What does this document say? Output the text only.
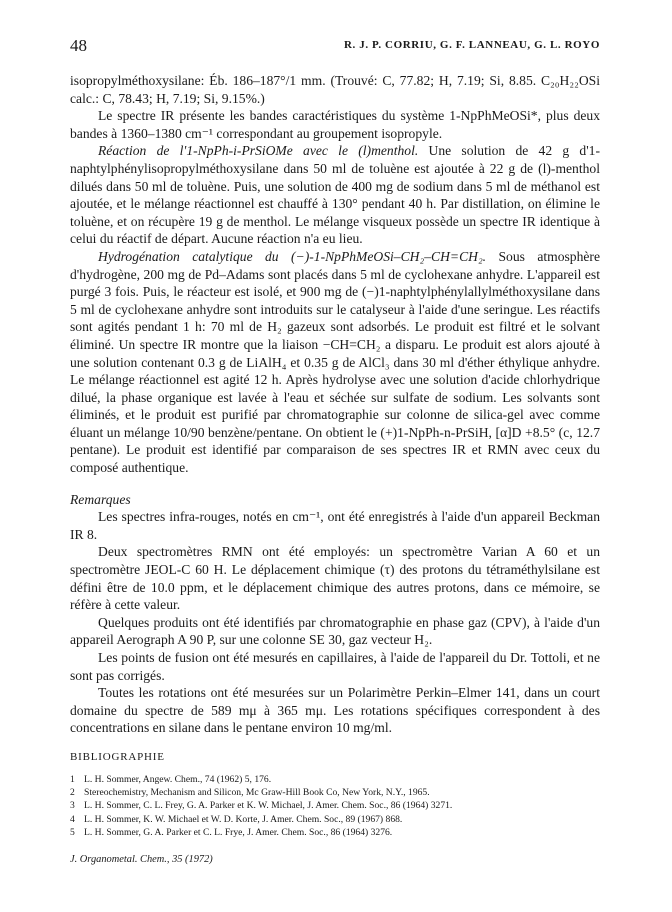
48	R. J. P. CORRIU, G. F. LANNEAU, G. L. ROYO

isopropylméthoxysilane: Éb. 186–187°/1 mm. (Trouvé: C, 77.82; H, 7.19; Si, 8.85. C₂₀H₂₂OSi calc.: C, 78.43; H, 7.19; Si, 9.15%.)

Le spectre IR présente les bandes caractéristiques du système 1-NpPhMeOSi*, plus deux bandes à 1360–1380 cm⁻¹ correspondant au groupement isopropyle.

Réaction de l'1-NpPh-i-PrSiOMe avec le (l)menthol. Une solution de 42 g d'1-naphtylphénylisopropylméthoxysilane dans 50 ml de toluène est ajoutée à 22 g de (l)-menthol dilués dans 50 ml de toluène. Puis, une solution de 400 mg de sodium dans 5 ml de méthanol est ajoutée, et le mélange réactionnel est chauffé à 130° pendant 40 h. Par distillation, on élimine le toluène, et on récupère 19 g de menthol. Le mélange visqueux possède un spectre IR identique à celui du réactif de départ. Aucune réaction n'a eu lieu.

Hydrogénation catalytique du (−)-1-NpPhMeOSi–CH₂–CH=CH₂. Sous atmosphère d'hydrogène, 200 mg de Pd–Adams sont placés dans 5 ml de cyclohexane anhydre. L'appareil est purgé 3 fois. Puis, le réacteur est isolé, et 900 mg de (−)1-naphtylphénylallylméthoxysilane dans 5 ml de cyclohexane anhydre sont introduits sur le catalyseur à l'aide d'une seringue. Les réactifs sont agités pendant 1 h: 70 ml de H₂ gazeux sont adsorbés. Le produit est filtré et le solvant éliminé. Un spectre IR montre que la liaison −CH=CH₂ a disparu. Le produit est alors ajouté à une solution contenant 0.3 g de LiAlH₄ et 0.35 g de AlCl₃ dans 30 ml d'éther éthylique anhydre. Le mélange réactionnel est agité 12 h. Après hydrolyse avec une solution d'acide chlorhydrique dilué, la phase organique est lavée à l'eau et séchée sur sulfate de sodium. Les solvants sont éliminés, et le produit est purifié par chromatographie sur colonne de silica-gel avec comme éluant un mélange 10/90 benzène/pentane. On obtient le (+)1-NpPh-n-PrSiH, [α]D +8.5° (c, 12.7 pentane). Le produit est identifié par comparaison de ses spectres IR et RMN avec ceux du composé authentique.

Remarques

Les spectres infra-rouges, notés en cm⁻¹, ont été enregistrés à l'aide d'un appareil Beckman IR 8.

Deux spectromètres RMN ont été employés: un spectromètre Varian A 60 et un spectromètre JEOL-C 60 H. Le déplacement chimique (τ) des protons du tétraméthylsilane est défini être de 10.0 ppm, et le déplacement chimique des autres protons, dans ce mémoire, se réfère à cette valeur.

Quelques produits ont été identifiés par chromatographie en phase gaz (CPV), à l'aide d'un appareil Aerograph A 90 P, sur une colonne SE 30, gaz vecteur H₂.

Les points de fusion ont été mesurés en capillaires, à l'aide de l'appareil du Dr. Tottoli, et ne sont pas corrigés.

Toutes les rotations ont été mesurées sur un Polarimètre Perkin–Elmer 141, dans un court domaine du spectre de 589 mμ à 365 mμ. Les rotations spécifiques correspondent à des concentrations en silane dans le pentane environ 10 mg/ml.

BIBLIOGRAPHIE

1 L. H. Sommer, Angew. Chem., 74 (1962) 5, 176.
2 Stereochemistry, Mechanism and Silicon, Mc Graw-Hill Book Co, New York, N.Y., 1965.
3 L. H. Sommer, C. L. Frey, G. A. Parker et K. W. Michael, J. Amer. Chem. Soc., 86 (1964) 3271.
4 L. H. Sommer, K. W. Michael et W. D. Korte, J. Amer. Chem. Soc., 89 (1967) 868.
5 L. H. Sommer, G. A. Parker et C. L. Frye, J. Amer. Chem. Soc., 86 (1964) 3276.
J. Organometal. Chem., 35 (1972)
